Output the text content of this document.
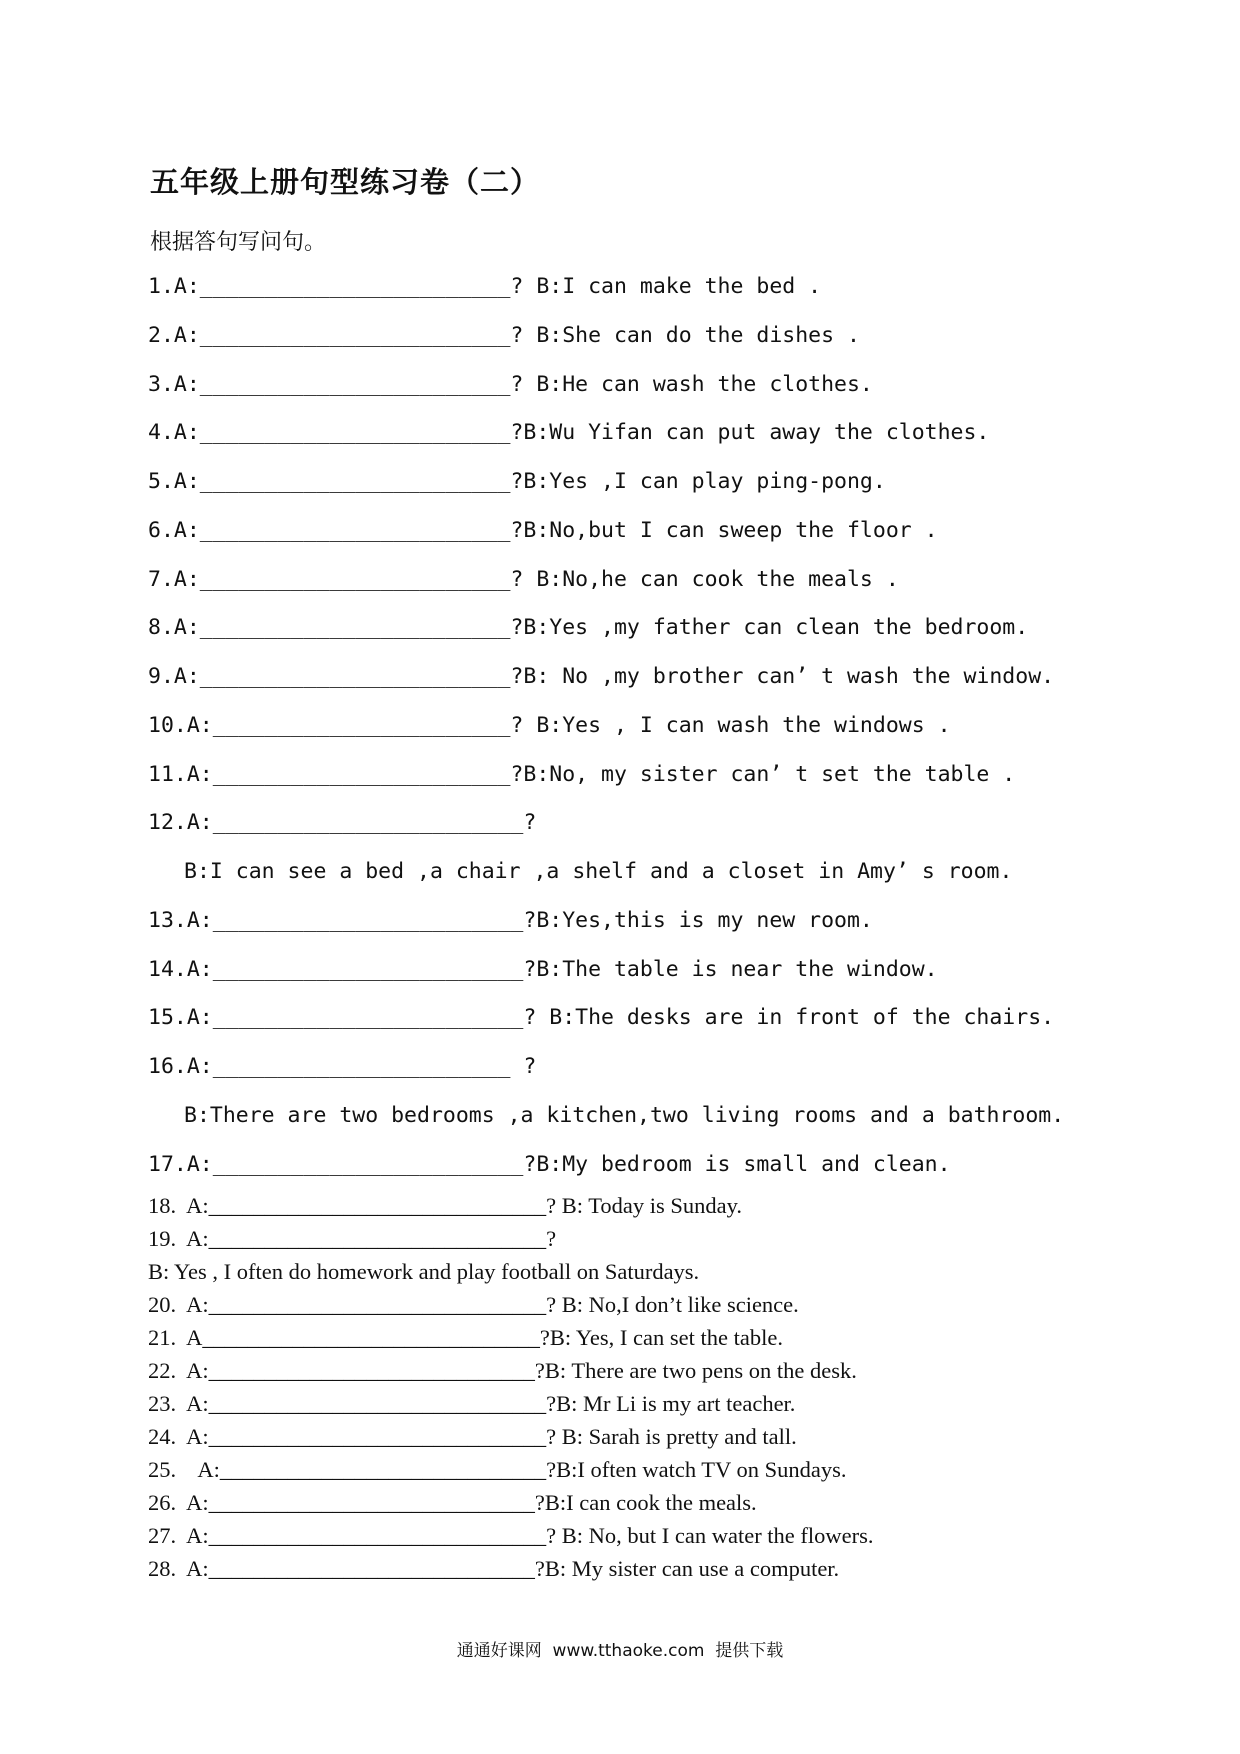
五年级上册句型练习卷（二）
根据答句写问句。
1.A:________________________? B:I can make the bed .
2.A:________________________? B:She can do the dishes .
3.A:________________________? B:He can wash the clothes.
4.A:________________________?B:Wu Yifan can put away the clothes.
5.A:________________________?B:Yes ,I can play ping-pong.
6.A:________________________?B:No,but I can sweep the floor .
7.A:________________________? B:No,he can cook the meals .
8.A:________________________?B:Yes ,my father can clean the bedroom.
9.A:________________________?B: No ,my brother can’ t wash the window.
10.A:_______________________? B:Yes , I can wash the windows .
11.A:_______________________?B:No, my sister can’ t set the table .
12.A:________________________?
B:I can see a bed ,a chair ,a shelf and a closet in Amy’ s room.
13.A:________________________?B:Yes,this is my new room.
14.A:________________________?B:The table is near the window.
15.A:________________________? B:The desks are in front of the chairs.
16.A:_______________________ ?
B:There are two bedrooms ,a kitchen,two living rooms and a bathroom.
17.A:________________________?B:My bedroom is small and clean.
18.  A:______________________________? B: Today is Sunday.
19.  A:______________________________?
B: Yes , I often do homework and play football on Saturdays.
20.  A:______________________________? B: No,I don’t like science.
21.  A______________________________?B: Yes, I can set the table.
22.  A:_____________________________?B: There are two pens on the desk.
23.  A:______________________________?B: Mr Li is my art teacher.
24.  A:______________________________? B: Sarah is pretty and tall.
25.    A:_____________________________?B:I often watch TV on Sundays.
26.  A:_____________________________?B:I can cook the meals.
27.  A:______________________________? B: No, but I can water the flowers.
28.  A:_____________________________?B: My sister can use a computer.
通通好课网  www.tthaoke.com  提供下载
